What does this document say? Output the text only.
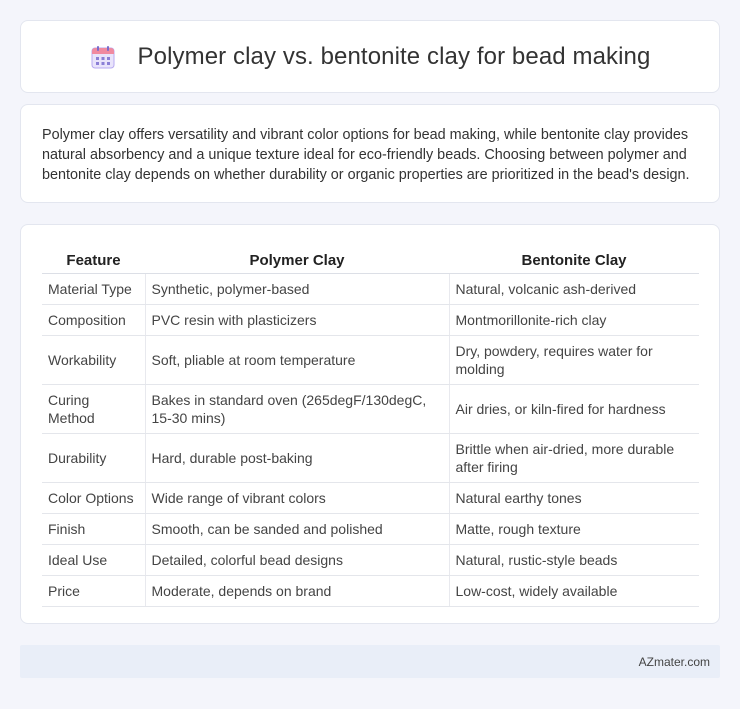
Polymer clay vs. bentonite clay for bead making

Polymer clay offers versatility and vibrant color options for bead making, while bentonite clay provides natural absorbency and a unique texture ideal for eco-friendly beads. Choosing between polymer and bentonite clay depends on whether durability or organic properties are prioritized in the bead's design.

Feature	Polymer Clay	Bentonite Clay
Material Type	Synthetic, polymer-based	Natural, volcanic ash-derived
Composition	PVC resin with plasticizers	Montmorillonite-rich clay
Workability	Soft, pliable at room temperature	Dry, powdery, requires water for molding
Curing Method	Bakes in standard oven (265degF/130degC, 15-30 mins)	Air dries, or kiln-fired for hardness
Durability	Hard, durable post-baking	Brittle when air-dried, more durable after firing
Color Options	Wide range of vibrant colors	Natural earthy tones
Finish	Smooth, can be sanded and polished	Matte, rough texture
Ideal Use	Detailed, colorful bead designs	Natural, rustic-style beads
Price	Moderate, depends on brand	Low-cost, widely available
AZmater.com
